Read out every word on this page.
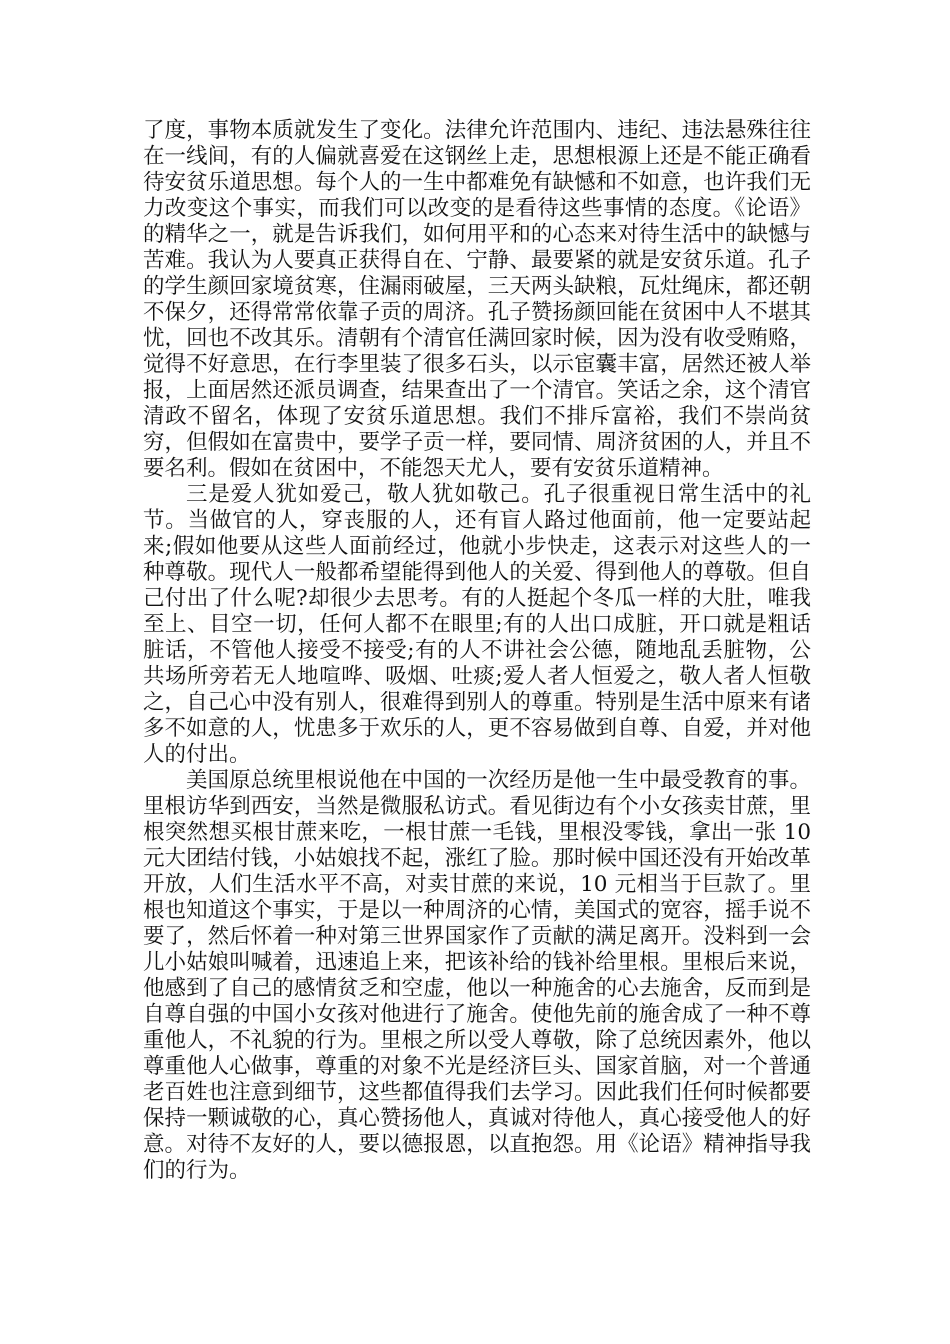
了度，事物本质就发生了变化。法律允许范围内、违纪、违法悬殊往往在一线间，有的人偏就喜爱在这钢丝上走，思想根源上还是不能正确看待安贫乐道思想。每个人的一生中都难免有缺憾和不如意，也许我们无力改变这个事实，而我们可以改变的是看待这些事情的态度。《论语》的精华之一，就是告诉我们，如何用平和的心态来对待生活中的缺憾与苦难。我认为人要真正获得自在、宁静、最要紧的就是安贫乐道。孔子的学生颜回家境贫寒，住漏雨破屋，三天两头缺粮，瓦灶绳床，都还朝不保夕，还得常常依靠子贡的周济。孔子赞扬颜回能在贫困中人不堪其忧，回也不改其乐。清朝有个清官任满回家时候，因为没有收受贿赂，觉得不好意思，在行李里装了很多石头，以示宦囊丰富，居然还被人举报，上面居然还派员调查，结果查出了一个清官。笑话之余，这个清官清政不留名，体现了安贫乐道思想。我们不排斥富裕，我们不崇尚贫穷，但假如在富贵中，要学子贡一样，要同情、周济贫困的人，并且不要名利。假如在贫困中，不能怨天尤人，要有安贫乐道精神。

三是爱人犹如爱己，敬人犹如敬己。孔子很重视日常生活中的礼节。当做官的人，穿丧服的人，还有盲人路过他面前，他一定要站起来;假如他要从这些人面前经过，他就小步快走，这表示对这些人的一种尊敬。现代人一般都希望能得到他人的关爱、得到他人的尊敬。但自己付出了什么呢?却很少去思考。有的人挺起个冬瓜一样的大肚，唯我至上、目空一切，任何人都不在眼里;有的人出口成脏，开口就是粗话脏话，不管他人接受不接受;有的人不讲社会公德，随地乱丢脏物，公共场所旁若无人地喧哗、吸烟、吐痰;爱人者人恒爱之，敬人者人恒敬之，自己心中没有别人，很难得到别人的尊重。特别是生活中原来有诸多不如意的人，忧患多于欢乐的人，更不容易做到自尊、自爱，并对他人的付出。

美国原总统里根说他在中国的一次经历是他一生中最受教育的事。里根访华到西安，当然是微服私访式。看见街边有个小女孩卖甘蔗，里根突然想买根甘蔗来吃，一根甘蔗一毛钱，里根没零钱，拿出一张 10 元大团结付钱，小姑娘找不起，涨红了脸。那时候中国还没有开始改革开放，人们生活水平不高，对卖甘蔗的来说，10 元相当于巨款了。里根也知道这个事实，于是以一种周济的心情，美国式的宽容，摇手说不要了，然后怀着一种对第三世界国家作了贡献的满足离开。没料到一会儿小姑娘叫喊着，迅速追上来，把该补给的钱补给里根。里根后来说，他感到了自己的感情贫乏和空虚，他以一种施舍的心去施舍，反而到是自尊自强的中国小女孩对他进行了施舍。使他先前的施舍成了一种不尊重他人，不礼貌的行为。里根之所以受人尊敬，除了总统因素外，他以尊重他人心做事，尊重的对象不光是经济巨头、国家首脑，对一个普通老百姓也注意到细节，这些都值得我们去学习。因此我们任何时候都要保持一颗诚敬的心，真心赞扬他人，真诚对待他人，真心接受他人的好意。对待不友好的人，要以德报恩，以直抱怨。用《论语》精神指导我们的行为。
